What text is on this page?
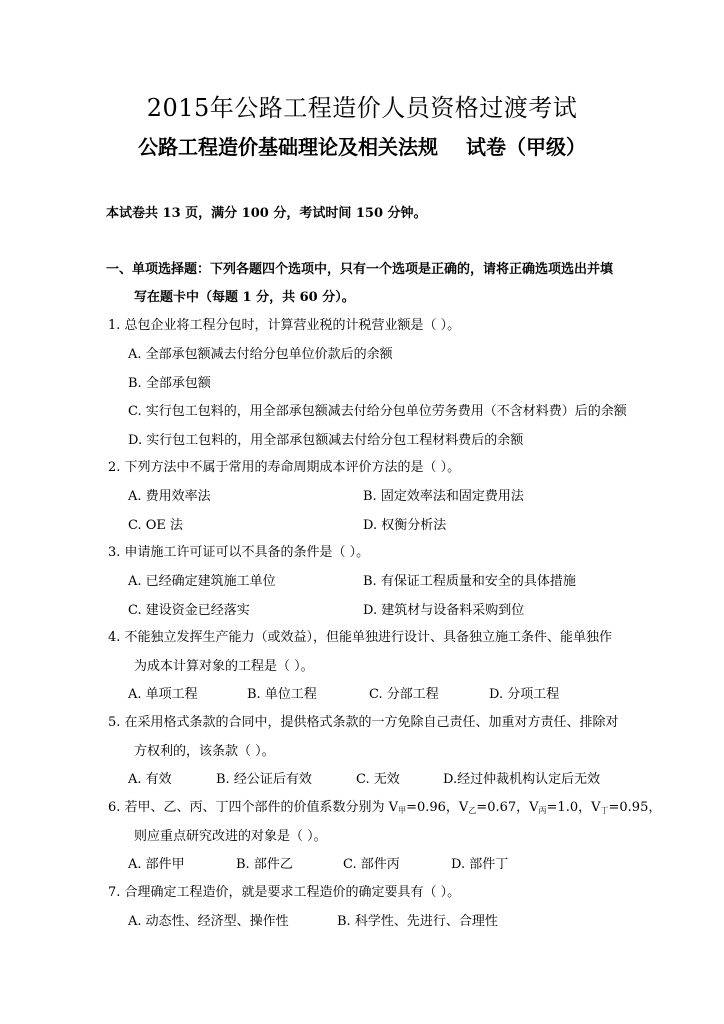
2015年公路工程造价人员资格过渡考试
公路工程造价基础理论及相关法规 试卷（甲级）
本试卷共 13 页，满分 100 分，考试时间 150 分钟。
一、单项选择题：下列各题四个选项中，只有一个选项是正确的，请将正确选项选出并填
写在题卡中（每题 1 分，共 60 分）。
1. 总包企业将工程分包时，计算营业税的计税营业额是（ ）。
A. 全部承包额减去付给分包单位价款后的余额
B. 全部承包额
C. 实行包工包料的，用全部承包额减去付给分包单位劳务费用（不含材料费）后的余额
D. 实行包工包料的，用全部承包额减去付给分包工程材料费后的余额
2. 下列方法中不属于常用的寿命周期成本评价方法的是（ ）。
A. 费用效率法	B. 固定效率法和固定费用法
C. OE 法	D. 权衡分析法
3. 申请施工许可证可以不具备的条件是（ ）。
A. 已经确定建筑施工单位	B. 有保证工程质量和安全的具体措施
C. 建设资金已经落实	D. 建筑材与设备料采购到位
4. 不能独立发挥生产能力（或效益），但能单独进行设计、具备独立施工条件、能单独作
为成本计算对象的工程是（ ）。
A. 单项工程	B. 单位工程	C. 分部工程	D. 分项工程
5. 在采用格式条款的合同中，提供格式条款的一方免除自己责任、加重对方责任、排除对
方权利的，该条款（ ）。
A. 有效	B. 经公证后有效	C. 无效	D.经过仲裁机构认定后无效
6. 若甲、乙、丙、丁四个部件的价值系数分别为 $V_甲=0.96$，$V_乙=0.67$，$V_丙=1.0$，$V_丁=0.95$，
则应重点研究改进的对象是（ ）。
A. 部件甲	B. 部件乙	C. 部件丙	D. 部件丁
7. 合理确定工程造价，就是要求工程造价的确定要具有（ ）。
A. 动态性、经济型、操作性	B. 科学性、先进行、合理性
